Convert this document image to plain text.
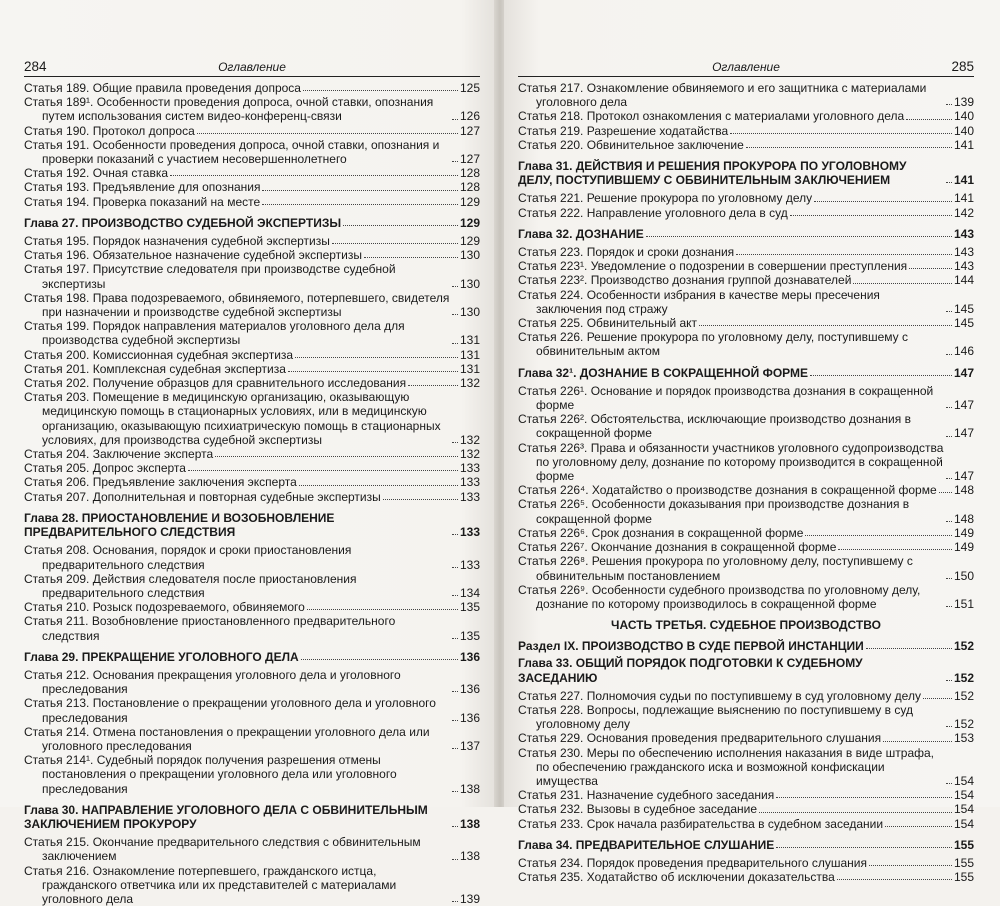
284	Оглавление
Статья 189. Общие правила проведения допроса	125
Статья 189¹. Особенности проведения допроса, очной ставки, опознания путем использования систем видео-конференц-связи	126
Статья 190. Протокол допроса	127
Статья 191. Особенности проведения допроса, очной ставки, опознания и проверки показаний с участием несовершеннолетнего	127
Статья 192. Очная ставка	128
Статья 193. Предъявление для опознания	128
Статья 194. Проверка показаний на месте	129
Глава 27. ПРОИЗВОДСТВО СУДЕБНОЙ ЭКСПЕРТИЗЫ	129
Статья 195. Порядок назначения судебной экспертизы	129
Статья 196. Обязательное назначение судебной экспертизы	130
Статья 197. Присутствие следователя при производстве судебной экспертизы	130
Статья 198. Права подозреваемого, обвиняемого, потерпевшего, свидетеля при назначении и производстве судебной экспертизы	130
Статья 199. Порядок направления материалов уголовного дела для производства судебной экспертизы	131
Статья 200. Комиссионная судебная экспертиза	131
Статья 201. Комплексная судебная экспертиза	131
Статья 202. Получение образцов для сравнительного исследования	132
Статья 203. Помещение в медицинскую организацию, оказывающую медицинскую помощь в стационарных условиях, или в медицинскую организацию, оказывающую психиатрическую помощь в стационарных условиях, для производства судебной экспертизы	132
Статья 204. Заключение эксперта	132
Статья 205. Допрос эксперта	133
Статья 206. Предъявление заключения эксперта	133
Статья 207. Дополнительная и повторная судебные экспертизы	133
Глава 28. ПРИОСТАНОВЛЕНИЕ И ВОЗОБНОВЛЕНИЕ ПРЕДВАРИТЕЛЬНОГО СЛЕДСТВИЯ	133
Статья 208. Основания, порядок и сроки приостановления предварительного следствия	133
Статья 209. Действия следователя после приостановления предварительного следствия	134
Статья 210. Розыск подозреваемого, обвиняемого	135
Статья 211. Возобновление приостановленного предварительного следствия	135
Глава 29. ПРЕКРАЩЕНИЕ УГОЛОВНОГО ДЕЛА	136
Статья 212. Основания прекращения уголовного дела и уголовного преследования	136
Статья 213. Постановление о прекращении уголовного дела и уголовного преследования	136
Статья 214. Отмена постановления о прекращении уголовного дела или уголовного преследования	137
Статья 214¹. Судебный порядок получения разрешения отмены постановления о прекращении уголовного дела или уголовного преследования	138
Глава 30. НАПРАВЛЕНИЕ УГОЛОВНОГО ДЕЛА С ОБВИНИТЕЛЬНЫМ ЗАКЛЮЧЕНИЕМ ПРОКУРОРУ	138
Статья 215. Окончание предварительного следствия с обвинительным заключением	138
Статья 216. Ознакомление потерпевшего, гражданского истца, гражданского ответчика или их представителей с материалами уголовного дела	139
Оглавление	285
Статья 217. Ознакомление обвиняемого и его защитника с материалами уголовного дела	139
Статья 218. Протокол ознакомления с материалами уголовного дела	140
Статья 219. Разрешение ходатайства	140
Статья 220. Обвинительное заключение	141
Глава 31. ДЕЙСТВИЯ И РЕШЕНИЯ ПРОКУРОРА ПО УГОЛОВНОМУ ДЕЛУ, ПОСТУПИВШЕМУ С ОБВИНИТЕЛЬНЫМ ЗАКЛЮЧЕНИЕМ	141
Статья 221. Решение прокурора по уголовному делу	141
Статья 222. Направление уголовного дела в суд	142
Глава 32. ДОЗНАНИЕ	143
Статья 223. Порядок и сроки дознания	143
Статья 223¹. Уведомление о подозрении в совершении преступления	143
Статья 223². Производство дознания группой дознавателей	144
Статья 224. Особенности избрания в качестве меры пресечения заключения под стражу	145
Статья 225. Обвинительный акт	145
Статья 226. Решение прокурора по уголовному делу, поступившему с обвинительным актом	146
Глава 32¹. ДОЗНАНИЕ В СОКРАЩЕННОЙ ФОРМЕ	147
Статья 226¹. Основание и порядок производства дознания в сокращенной форме	147
Статья 226². Обстоятельства, исключающие производство дознания в сокращенной форме	147
Статья 226³. Права и обязанности участников уголовного судопроизводства по уголовному делу, дознание по которому производится в сокращенной форме	147
Статья 226⁴. Ходатайство о производстве дознания в сокращенной форме 148
Статья 226⁵. Особенности доказывания при производстве дознания в сокращенной форме	148
Статья 226⁶. Срок дознания в сокращенной форме	149
Статья 226⁷. Окончание дознания в сокращенной форме	149
Статья 226⁸. Решения прокурора по уголовному делу, поступившему с обвинительным постановлением	150
Статья 226⁹. Особенности судебного производства по уголовному делу, дознание по которому производилось в сокращенной форме	151
ЧАСТЬ ТРЕТЬЯ. СУДЕБНОЕ ПРОИЗВОДСТВО
Раздел IX. ПРОИЗВОДСТВО В СУДЕ ПЕРВОЙ ИНСТАНЦИИ	152
Глава 33. ОБЩИЙ ПОРЯДОК ПОДГОТОВКИ К СУДЕБНОМУ ЗАСЕДАНИЮ	152
Статья 227. Полномочия судьи по поступившему в суд уголовному делу	152
Статья 228. Вопросы, подлежащие выяснению по поступившему в суд уголовному делу	152
Статья 229. Основания проведения предварительного слушания	153
Статья 230. Меры по обеспечению исполнения наказания в виде штрафа, по обеспечению гражданского иска и возможной конфискации имущества	154
Статья 231. Назначение судебного заседания	154
Статья 232. Вызовы в судебное заседание	154
Статья 233. Срок начала разбирательства в судебном заседании	154
Глава 34. ПРЕДВАРИТЕЛЬНОЕ СЛУШАНИЕ	155
Статья 234. Порядок проведения предварительного слушания	155
Статья 235. Ходатайство об исключении доказательства	155
